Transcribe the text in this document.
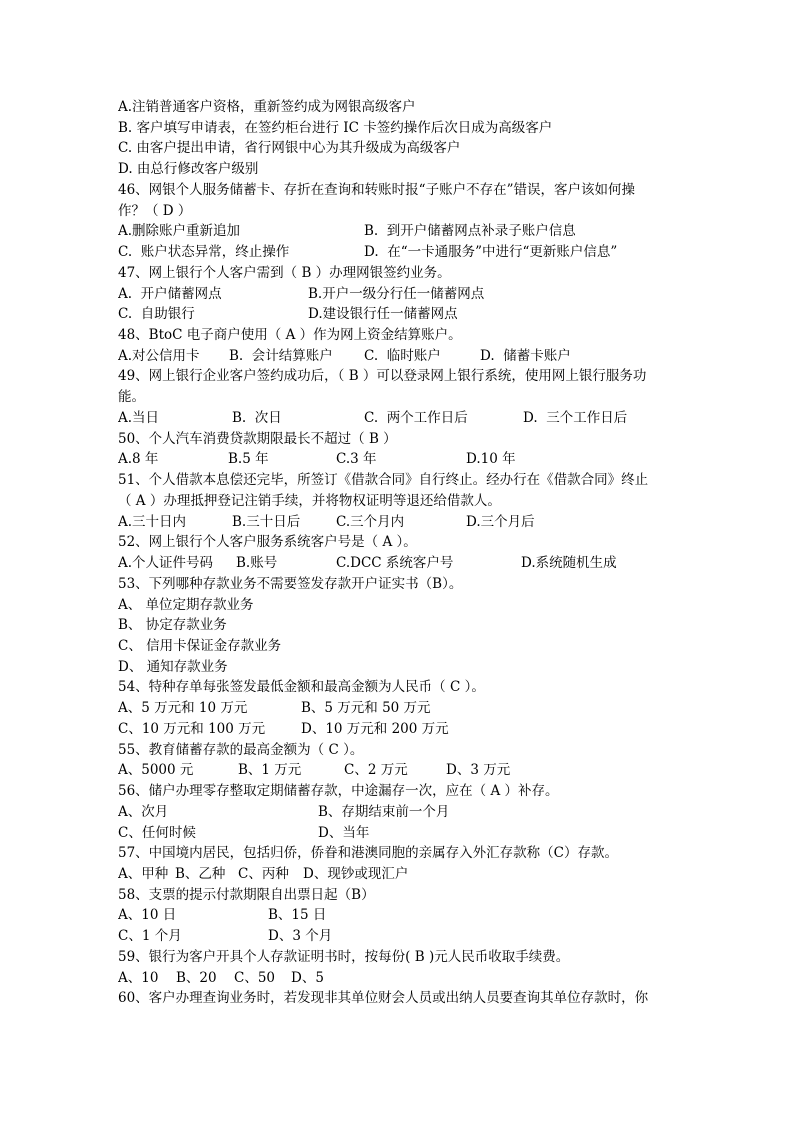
A.注销普通客户资格，重新签约成为网银高级客户
B. 客户填写申请表，在签约柜台进行 IC 卡签约操作后次日成为高级客户
C. 由客户提出申请，省行网银中心为其升级成为高级客户
D. 由总行修改客户级别
46、网银个人服务储蓄卡、存折在查询和转账时报“子账户不存在”错误，客户该如何操
作？（ D ）
A.删除账户重新追加	B.  到开户储蓄网点补录子账户信息
C.  账户状态异常，终止操作	D.  在“一卡通服务”中进行“更新账户信息”
47、网上银行个人客户需到（ B ）办理网银签约业务。
A.  开户储蓄网点	B.开户一级分行任一储蓄网点
C.  自助银行	D.建设银行任一储蓄网点
48、BtoC 电子商户使用（ A ）作为网上资金结算账户。
A.对公信用卡 B.  会计结算账户 C.  临时账户	D.  储蓄卡账户
49、网上银行企业客户签约成功后，（ B ）可以登录网上银行系统，使用网上银行服务功
能。
A.当日	B.  次日	C.  两个工作日后	D.  三个工作日后
50、个人汽车消费贷款期限最长不超过（ B ）
A.8 年	B.5 年	C.3 年	D.10 年
51、个人借款本息偿还完毕，所签订《借款合同》自行终止。经办行在《借款合同》终止
（ A ）办理抵押登记注销手续，并将物权证明等退还给借款人。
A.三十日内	B.三十日后	C.三个月内	D.三个月后
52、网上银行个人客户服务系统客户号是（ A ）。
A.个人证件号码 B.账号	C.DCC 系统客户号	D.系统随机生成
53、下列哪种存款业务不需要签发存款开户证实书（B）。
A、 单位定期存款业务
B、 协定存款业务
C、 信用卡保证金存款业务
D、 通知存款业务
54、特种存单每张签发最低金额和最高金额为人民币（ C ）。
A、5 万元和 10 万元	B、5 万元和 50 万元
C、10 万元和 100 万元	D、10 万元和 200 万元
55、教育储蓄存款的最高金额为（ C ）。
A、5000 元	B、1 万元	C、2 万元	D、3 万元
56、储户办理零存整取定期储蓄存款，中途漏存一次，应在（ A ）补存。
A、次月	B、存期结束前一个月
C、任何时候	D、当年
57、中国境内居民，包括归侨，侨眷和港澳同胞的亲属存入外汇存款称（C）存款。
A、甲种 B、乙种 C、丙种 D、现钞或现汇户
58、支票的提示付款期限自出票日起（B）
A、10 日	B、15 日
C、1 个月	D、3 个月
59、银行为客户开具个人存款证明书时，按每份( B )元人民币收取手续费。
A、10 B、20 C、50 D、5
60、客户办理查询业务时，若发现非其单位财会人员或出纳人员要查询其单位存款时，你
